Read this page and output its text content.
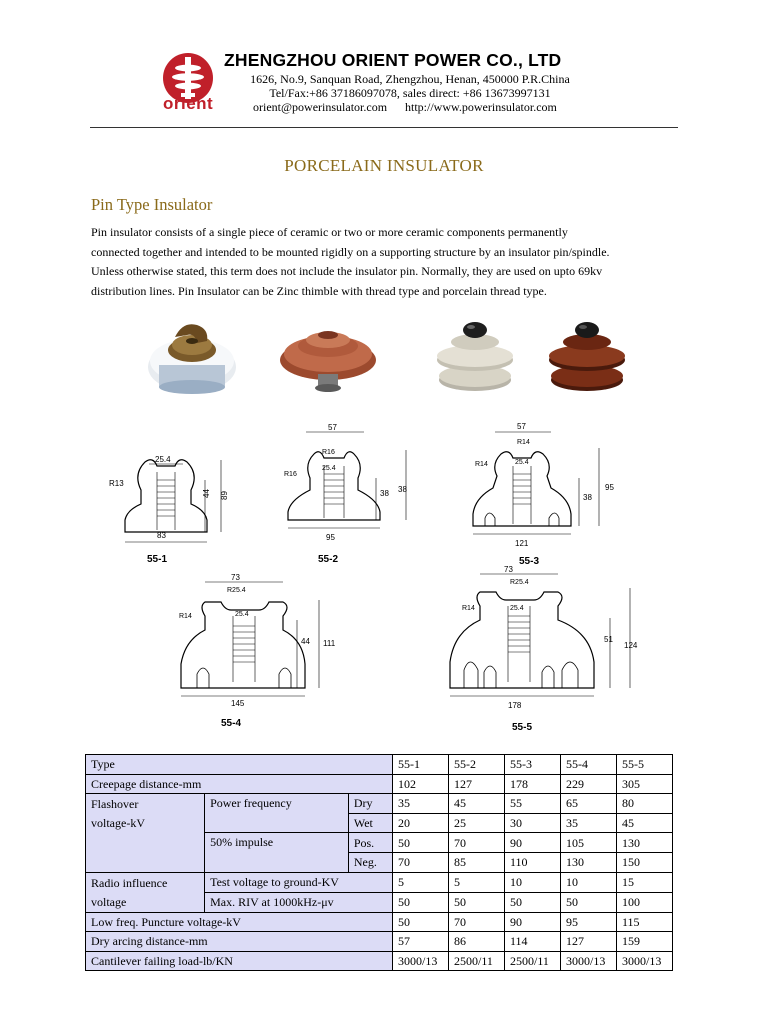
orient
ZHENGZHOU ORIENT POWER CO., LTD
1626, No.9, Sanquan Road, Zhengzhou, Henan, 450000 P.R.China
Tel/Fax:+86 37186097078, sales direct: +86 13673997131
orient@powerinsulator.com http://www.powerinsulator.com
PORCELAIN INSULATOR
Pin Type Insulator
Pin insulator consists of a single piece of ceramic or two or more ceramic components permanently
connected together and intended to be mounted rigidly on a supporting structure by an insulator pin/spindle.
Unless otherwise stated, this term does not include the insulator pin. Normally, they are used on upto 69kv
distribution lines. Pin Insulator can be Zinc thimble with thread type and porcelain thread type.
25.4
R13
44 89
83
55-1
57
R16
R16
25.4
38 38
95
55-2
57
R14
R14	25.4
38
95
121
55-3
73
R25.4
R14	25.4
44 111
145
55-4
73
R25.4
R14	25.4
51
124
178
55-5
Type			55-1	55-2	55-3	55-4	55-5
Creepage distance-mm			102	127	178	229	305
Flashover
voltage-kV	Power frequency	Dry	35	45	55	65	80
		Wet	20	25	30	35	45
	50% impulse	Pos.	50	70	90	105	130
		Neg.	70	85	110	130	150
Radio influence
voltage	Test voltage to ground-KV		5	5	10	10	15
	Max. RIV at 1000kHz-μv		50	50	50	50	100
Low freq. Puncture voltage-kV			50	70	90	95	115
Dry arcing distance-mm			57	86	114	127	159
Cantilever failing load-lb/KN			3000/13	2500/11	2500/11	3000/13	3000/13
